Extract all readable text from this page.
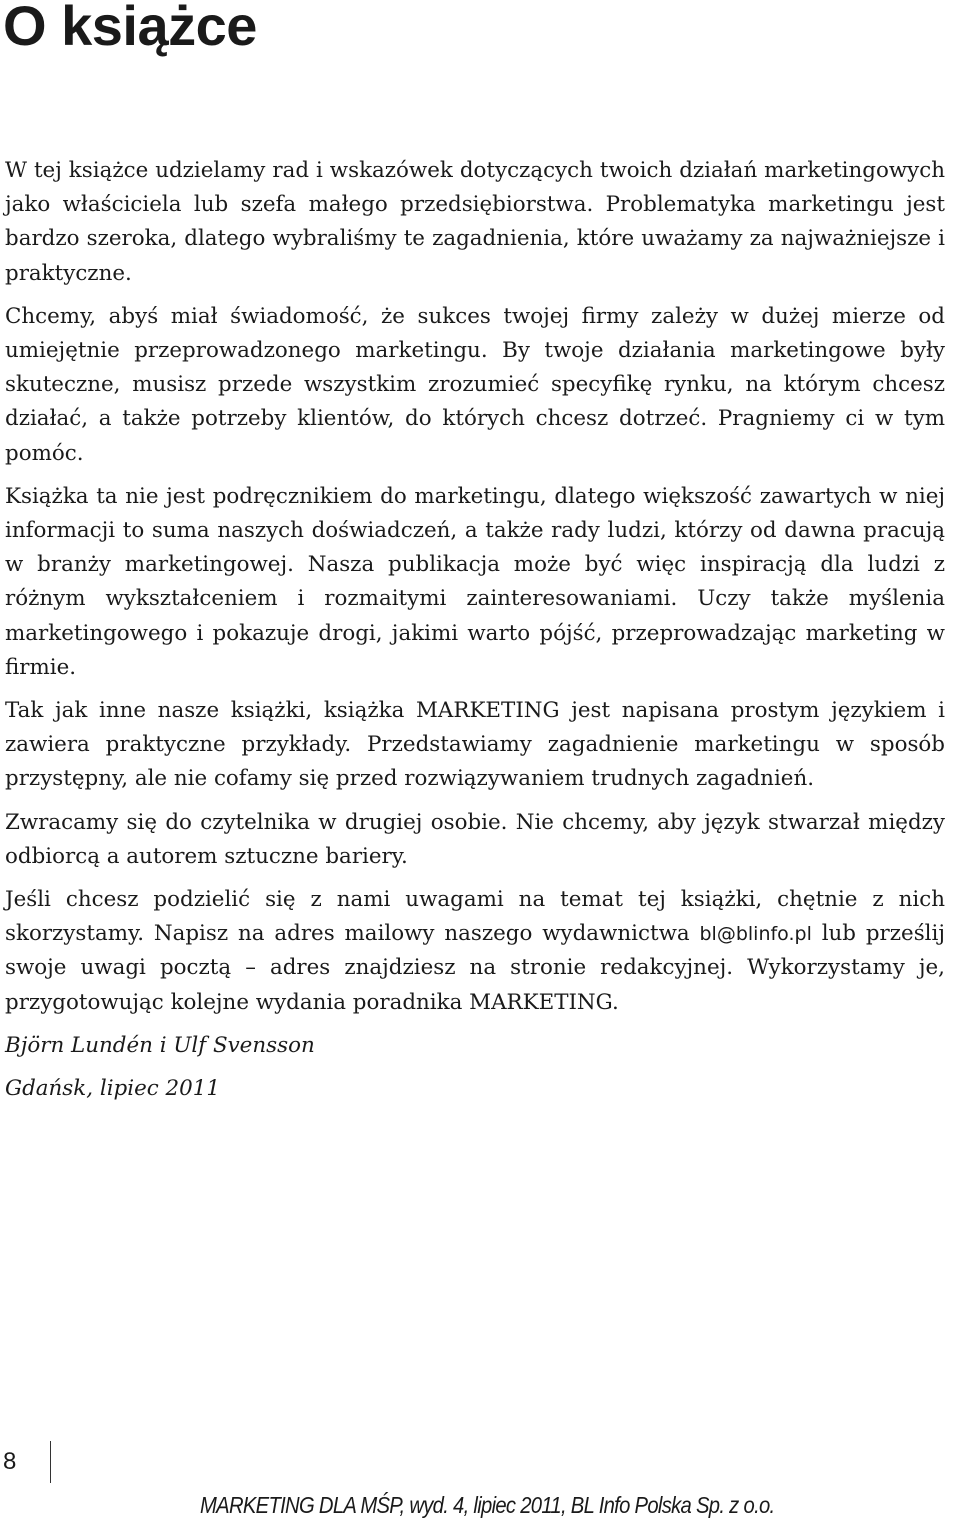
O książce

W tej książce udzielamy rad i wskazówek dotyczących twoich działań marketingowych jako właściciela lub szefa małego przedsiębiorstwa. Problematyka marketingu jest bardzo szeroka, dlatego wybraliśmy te zagadnienia, które uważamy za najważniejsze i praktyczne.

Chcemy, abyś miał świadomość, że sukces twojej firmy zależy w dużej mierze od umiejętnie przeprowadzonego marketingu. By twoje działania marketingowe były skuteczne, musisz przede wszystkim zrozumieć specyfikę rynku, na którym chcesz działać, a także potrzeby klientów, do których chcesz dotrzeć. Pragniemy ci w tym pomóc.

Książka ta nie jest podręcznikiem do marketingu, dlatego większość zawartych w niej informacji to suma naszych doświadczeń, a także rady ludzi, którzy od dawna pracują w branży marketingowej. Nasza publikacja może być więc inspiracją dla ludzi z różnym wykształceniem i rozmaitymi zainteresowaniami. Uczy także myślenia marketingowego i pokazuje drogi, jakimi warto pójść, przeprowadzając marketing w firmie.

Tak jak inne nasze książki, książka MARKETING jest napisana prostym językiem i zawiera praktyczne przykłady. Przedstawiamy zagadnienie marketingu w sposób przystępny, ale nie cofamy się przed rozwiązywaniem trudnych zagadnień.

Zwracamy się do czytelnika w drugiej osobie. Nie chcemy, aby język stwarzał między odbiorcą a autorem sztuczne bariery.

Jeśli chcesz podzielić się z nami uwagami na temat tej książki, chętnie z nich skorzystamy. Napisz na adres mailowy naszego wydawnictwa bl@blinfo.pl lub prześlij swoje uwagi pocztą – adres znajdziesz na stronie redakcyjnej. Wykorzystamy je, przygotowując kolejne wydania poradnika MARKETING.

Björn Lundén i Ulf Svensson

Gdańsk, lipiec 2011

8
MARKETING DLA MŚP, wyd. 4, lipiec 2011, BL Info Polska Sp. z o.o.
